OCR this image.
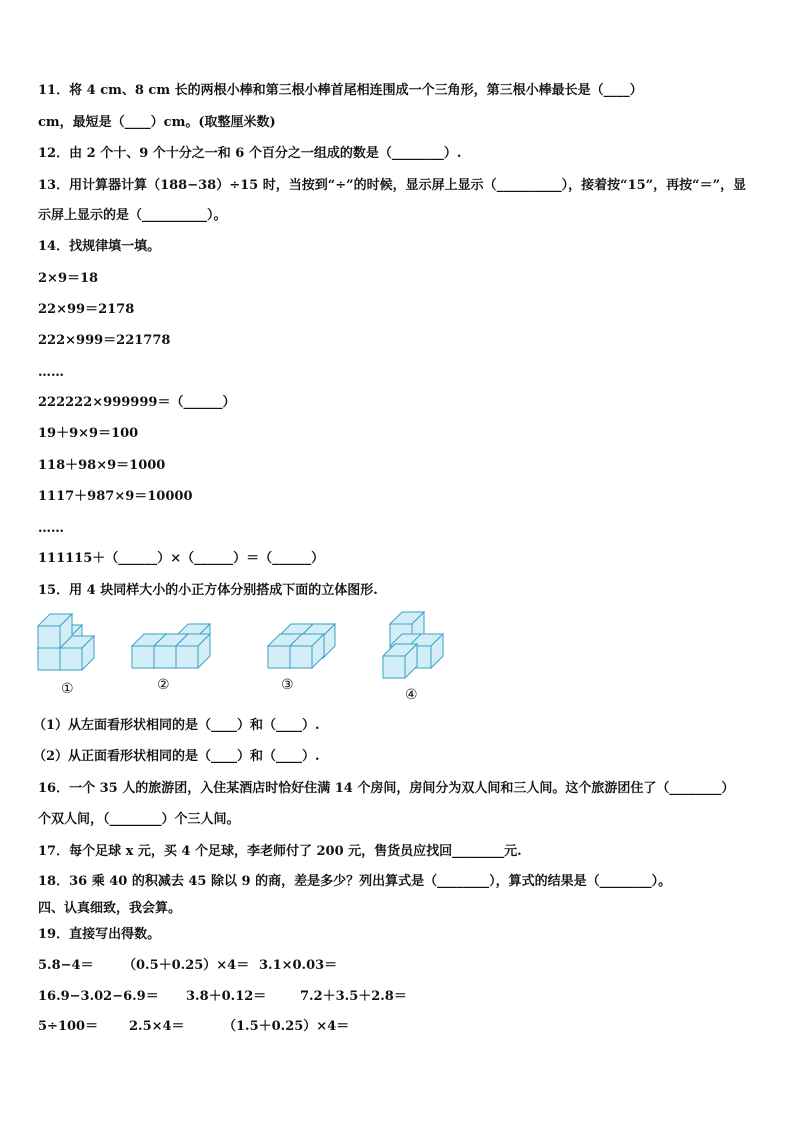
11．将 4 cm、8 cm 长的两根小棒和第三根小棒首尾相连围成一个三角形，第三根小棒最长是（____）
cm，最短是（____）cm。(取整厘米数)
12．由 2 个十、9 个十分之一和 6 个百分之一组成的数是（________）.
13．用计算器计算（188−38）÷15 时，当按到“÷”的时候，显示屏上显示（__________），接着按“15”，再按“＝”，显
示屏上显示的是（__________）。
14．找规律填一填。
2×9＝18
22×99＝2178
222×999＝221778
……
222222×999999＝（______）
19＋9×9＝100
118＋98×9＝1000
1117＋987×9＝10000
……
111115＋（______）×（______）＝（______）
15．用 4 块同样大小的小正方体分别搭成下面的立体图形.
①	②	③
④
（1）从左面看形状相同的是（____）和（____）.
（2）从正面看形状相同的是（____）和（____）.
16．一个 35 人的旅游团，入住某酒店时恰好住满 14 个房间，房间分为双人间和三人间。这个旅游团住了（________）
个双人间，（________）个三人间。
17．每个足球 x 元，买 4 个足球，李老师付了 200 元，售货员应找回________元.
18．36 乘 40 的积减去 45 除以 9 的商，差是多少？列出算式是（________），算式的结果是（________）。
四、认真细致，我会算。
19．直接写出得数。
5.8−4＝ （0.5＋0.25）×4＝ 3.1×0.03＝
16.9−3.02−6.9＝ 3.8＋0.12＝	7.2＋3.5＋2.8＝
5÷100＝ 2.5×4＝	（1.5＋0.25）×4＝
